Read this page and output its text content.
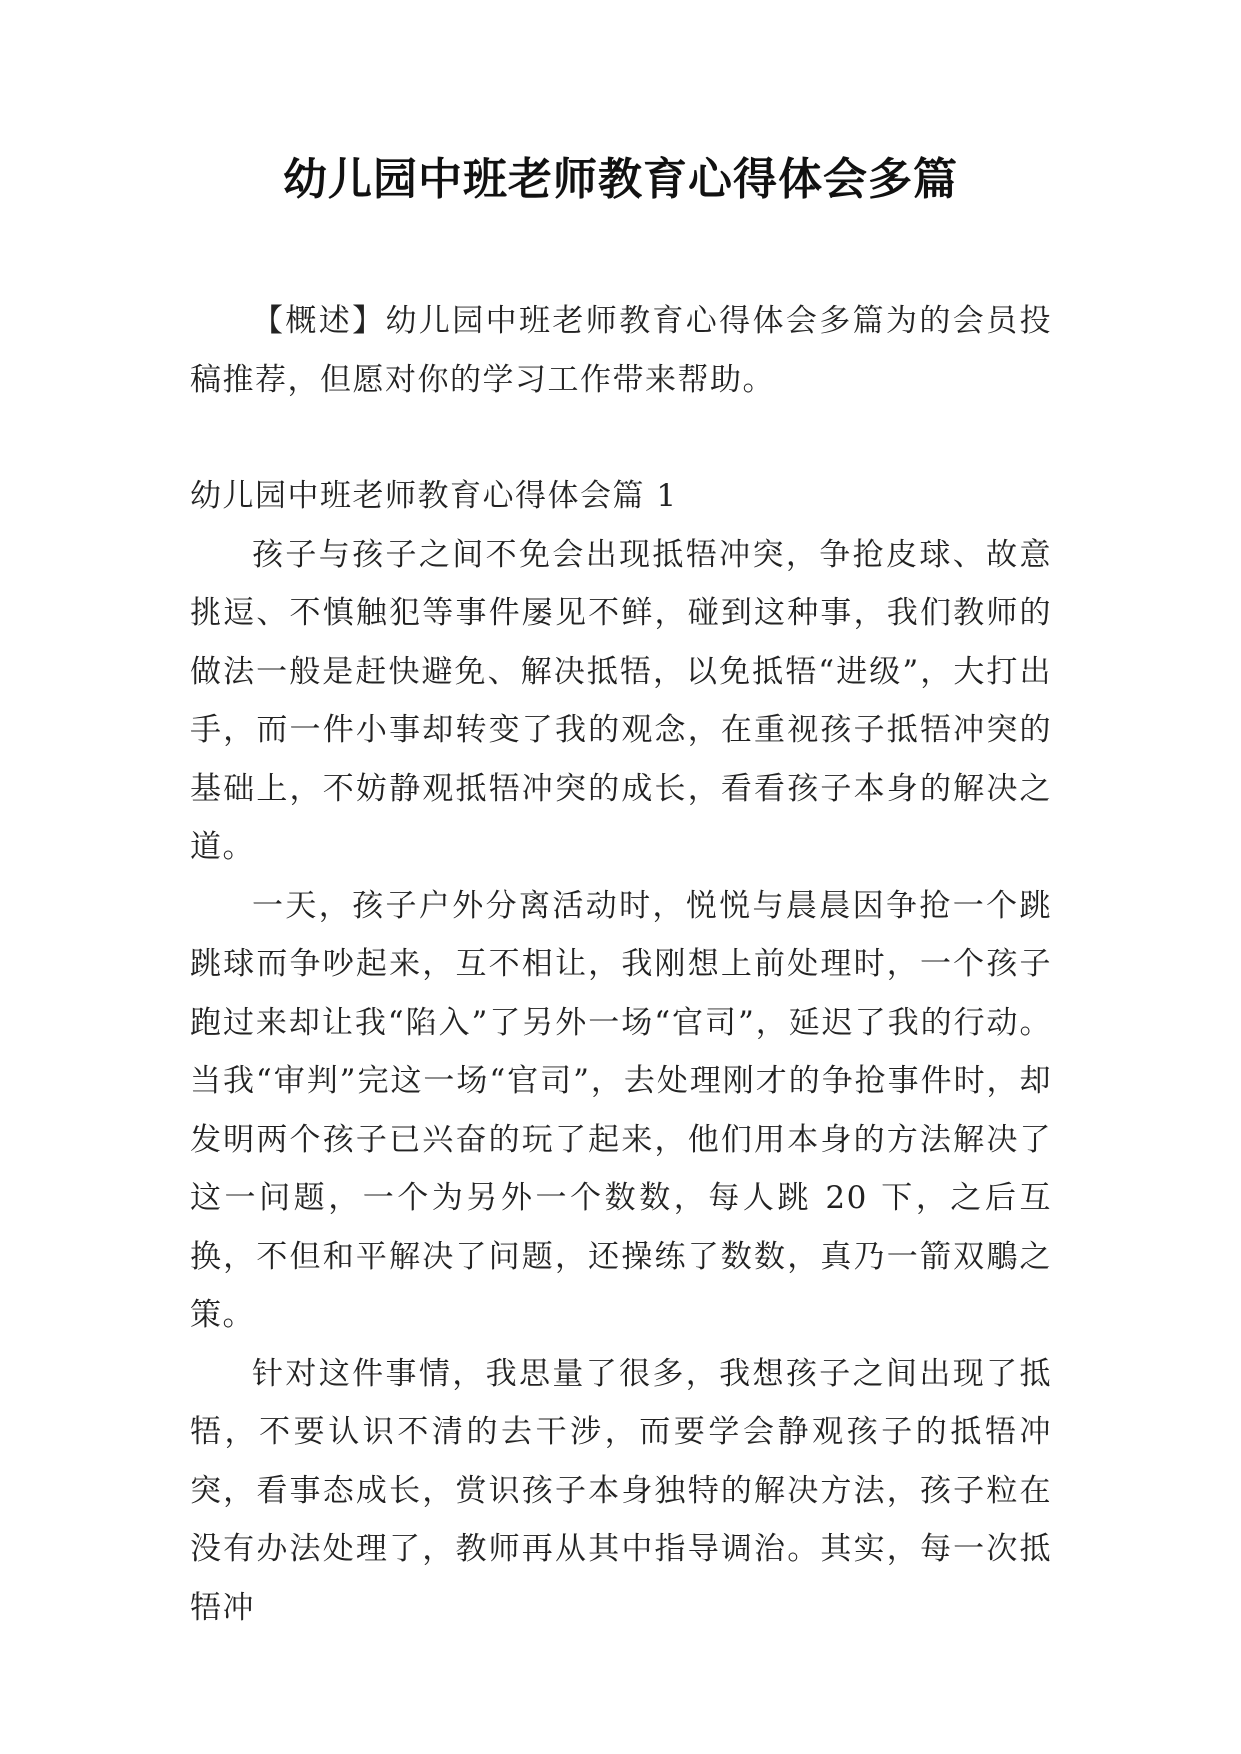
幼儿园中班老师教育心得体会多篇

【概述】幼儿园中班老师教育心得体会多篇为的会员投稿推荐，但愿对你的学习工作带来帮助。

幼儿园中班老师教育心得体会篇 1

孩子与孩子之间不免会出现抵牾冲突，争抢皮球、故意挑逗、不慎触犯等事件屡见不鲜，碰到这种事，我们教师的做法一般是赶快避免、解决抵牾，以免抵牾“进级”，大打出手，而一件小事却转变了我的观念，在重视孩子抵牾冲突的基础上，不妨静观抵牾冲突的成长，看看孩子本身的解决之道。

一天，孩子户外分离活动时，悦悦与晨晨因争抢一个跳跳球而争吵起来，互不相让，我刚想上前处理时，一个孩子跑过来却让我“陷入”了另外一场“官司”，延迟了我的行动。当我“审判”完这一场“官司”，去处理刚才的争抢事件时，却发明两个孩子已兴奋的玩了起来，他们用本身的方法解决了这一问题，一个为另外一个数数，每人跳 20 下，之后互换，不但和平解决了问题，还操练了数数，真乃一箭双鵰之策。

针对这件事情，我思量了很多，我想孩子之间出现了抵牾，不要认识不清的去干涉，而要学会静观孩子的抵牾冲突，看事态成长，赏识孩子本身独特的解决方法，孩子粒在没有办法处理了，教师再从其中指导调治。其实，每一次抵牾冲
